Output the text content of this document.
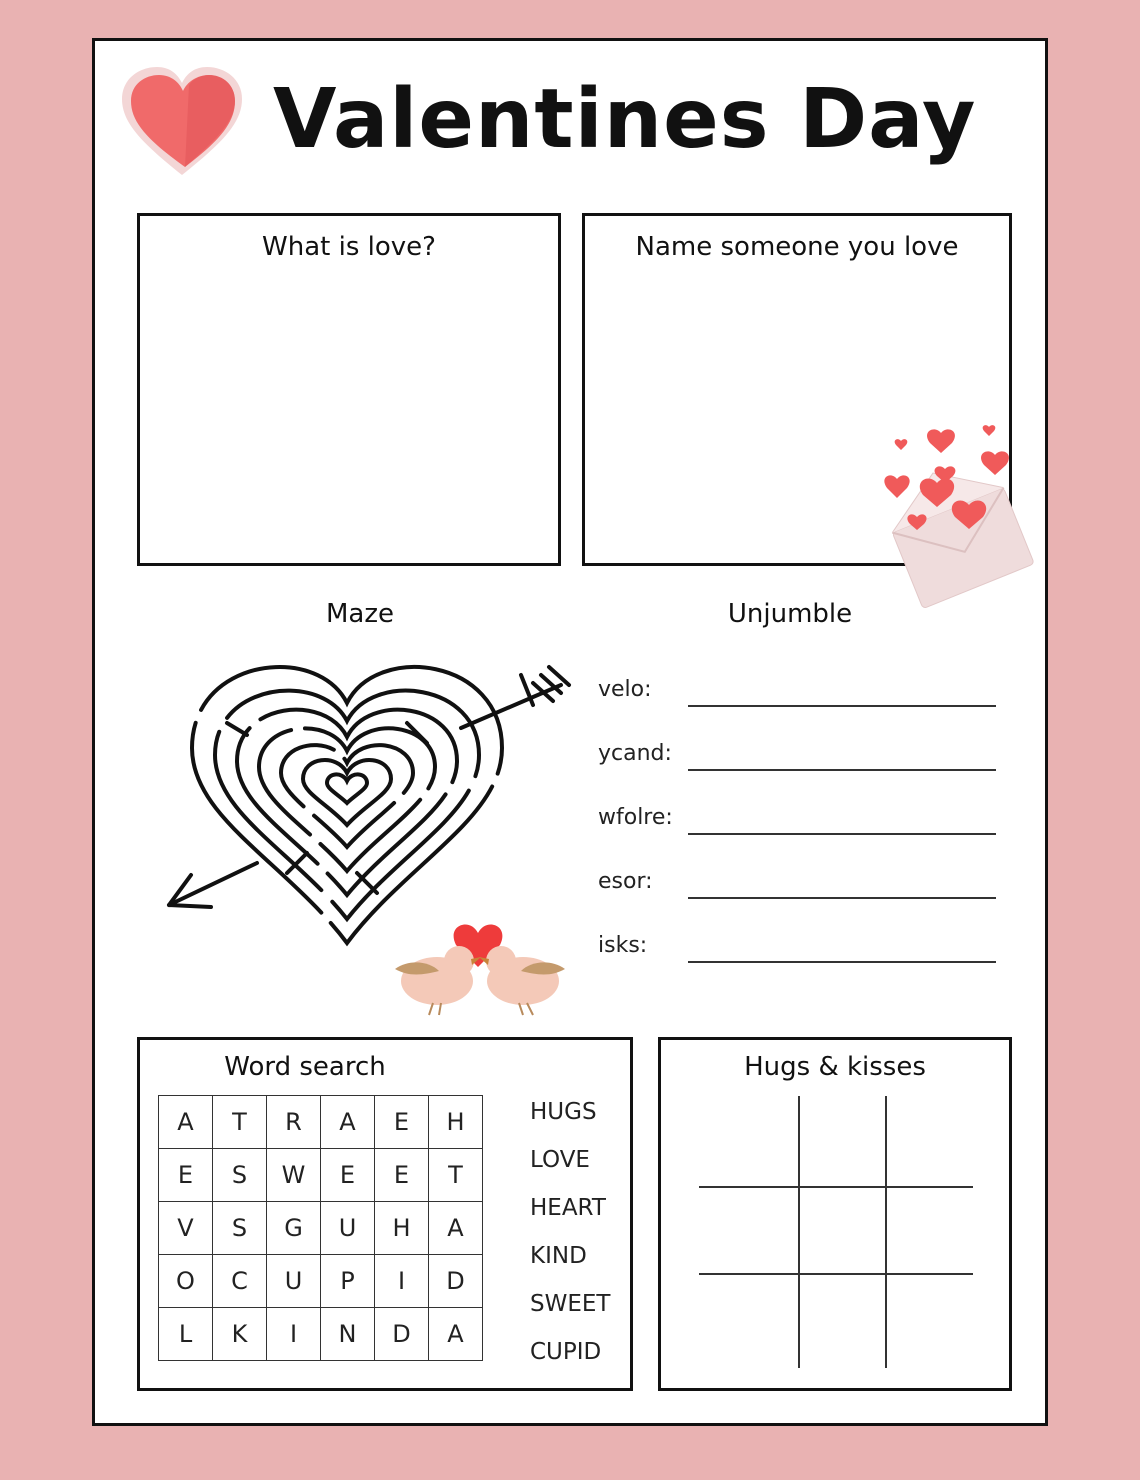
Valentines Day
What is love?	Name someone you love
Maze	Unjumble
velo:
ycand:
wfolre:
esor:
isks:
Word search
A	T	R	A	E	H
E	S	W	E	E	T
V	S	G	U	H	A
O	C	U	P	I	D
L	K	I	N	D	A
HUGS
LOVE
HEART
KIND
SWEET
CUPID
Hugs & kisses
